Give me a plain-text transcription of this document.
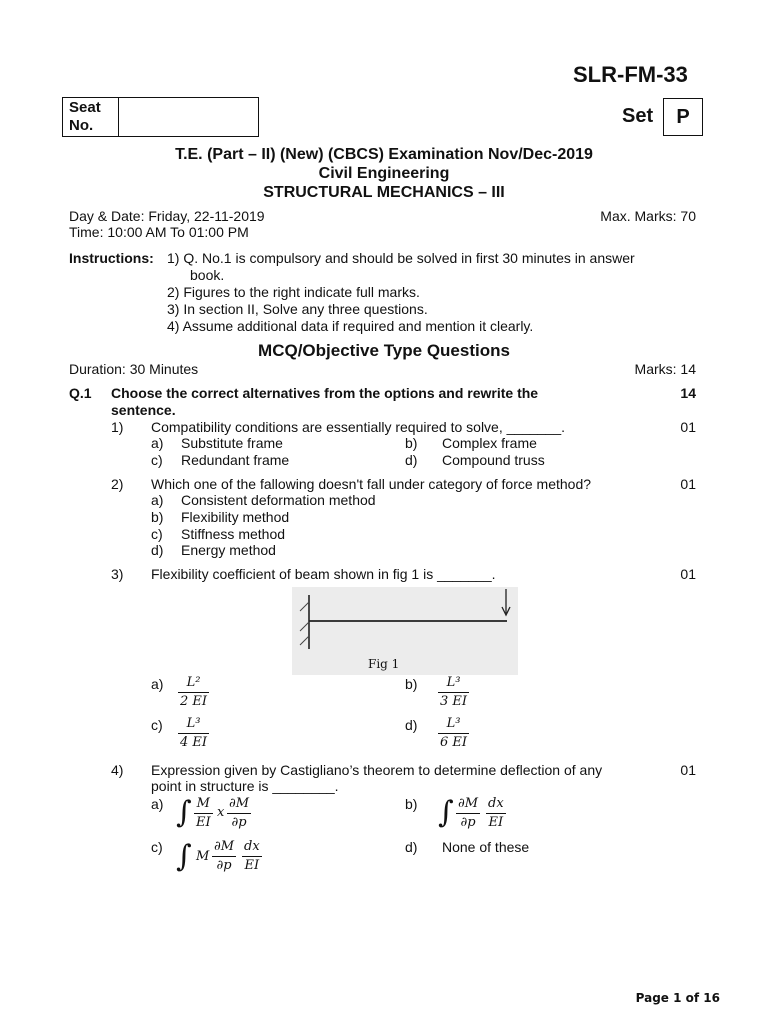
SLR-FM-33
Seat
No.	Set	P
T.E. (Part – II) (New) (CBCS) Examination Nov/Dec-2019
Civil Engineering
STRUCTURAL MECHANICS – III
Day & Date: Friday, 22-11-2019	Max. Marks: 70
Time: 10:00 AM To 01:00 PM
Instructions: 1) Q. No.1 is compulsory and should be solved in first 30 minutes in answer
book.
2) Figures to the right indicate full marks.
3) In section II, Solve any three questions.
4) Assume additional data if required and mention it clearly.
MCQ/Objective Type Questions
Duration: 30 Minutes	Marks: 14
Q.1 Choose the correct alternatives from the options and rewrite the
sentence.
14
1) Compatibility conditions are essentially required to solve, _______.	01
a) Substitute frame	b) Complex frame
c) Redundant frame	d) Compound truss
2) Which one of the fallowing doesn't fall under category of force method?	01
a) Consistent deformation method
b) Flexibility method
c) Stiffness method
d) Energy method
3) Flexibility coefficient of beam shown in fig 1 is _______.	01
Fig 1
$a) \frac{\text{L²}}{2 EI}$	$b) \frac{\text{L³}}{3 EI}$
$c) \frac{\text{L³}}{4 EI}$	$d) \frac{\text{L³}}{6 EI}$
4) Expression given by Castigliano’s theorem to determine deflection of any
point in structure is ________.
01
a) ∫ $\frac{M}{EI}$ x $\frac{\partial M}{\partial p}$	b) ∫ $\frac{\partial M}{\partial p} \frac{dx}{EI}$
c) ∫ M $\frac{\partial M}{\partial p} \frac{dx}{EI}$	d) None of these
Page 1 of 16
